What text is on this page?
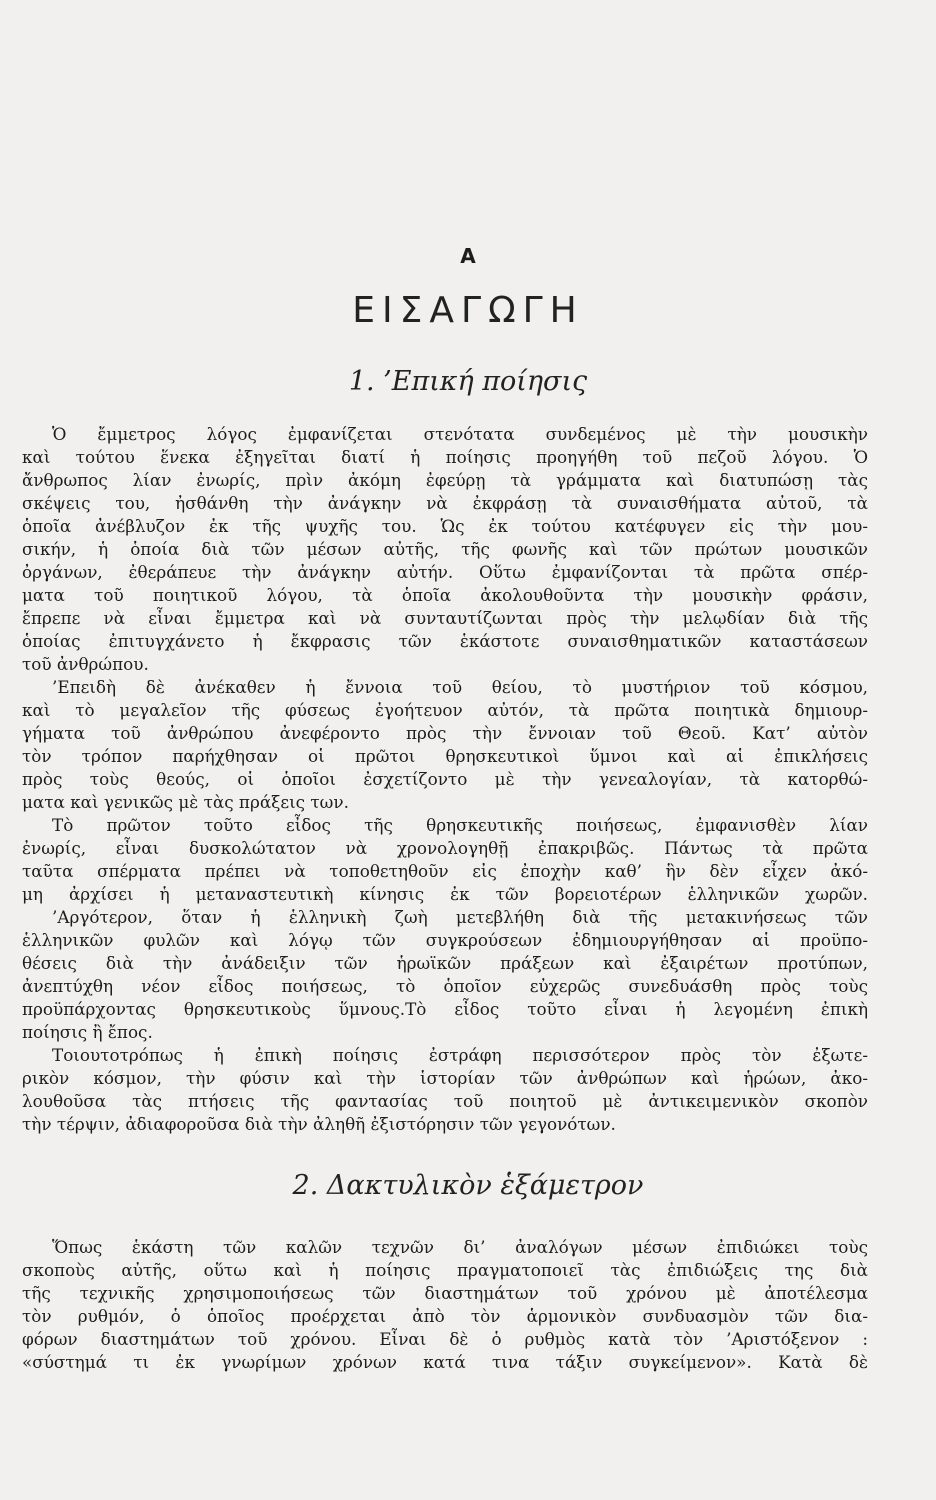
Α
ΕΙΣΑΓΩΓΗ
1. ’Επική ποίησις
Ὁ ἔμμετρος λόγος ἐμφανίζεται στενότατα συνδεμένος μὲ τὴν μουσικὴν
καὶ τούτου ἕνεκα ἐξηγεῖται διατί ἡ ποίησις προηγήθη τοῦ πεζοῦ λόγου. Ὁ
ἄνθρωπος λίαν ἐνωρίς, πρὶν ἀκόμη ἐφεύρῃ τὰ γράμματα καὶ διατυπώσῃ τὰς
σκέψεις του, ἠσθάνθη τὴν ἀνάγκην νὰ ἐκφράσῃ τὰ συναισθήματα αὐτοῦ, τὰ
ὁποῖα ἀνέβλυζον ἐκ τῆς ψυχῆς του. Ὡς ἐκ τούτου κατέφυγεν εἰς τὴν μου-
σικήν, ἡ ὁποία διὰ τῶν μέσων αὐτῆς, τῆς φωνῆς καὶ τῶν πρώτων μουσικῶν
ὀργάνων, ἐθεράπευε τὴν ἀνάγκην αὐτήν. Οὕτω ἐμφανίζονται τὰ πρῶτα σπέρ-
ματα τοῦ ποιητικοῦ λόγου, τὰ ὁποῖα ἀκολουθοῦντα τὴν μουσικὴν φράσιν,
ἔπρεπε νὰ εἶναι ἔμμετρα καὶ νὰ συνταυτίζωνται πρὸς τὴν μελῳδίαν διὰ τῆς
ὁποίας ἐπιτυγχάνετο ἡ ἔκφρασις τῶν ἑκάστοτε συναισθηματικῶν καταστάσεων
τοῦ ἀνθρώπου.
’Επειδὴ δὲ ἀνέκαθεν ἡ ἔννοια τοῦ θείου, τὸ μυστήριον τοῦ κόσμου,
καὶ τὸ μεγαλεῖον τῆς φύσεως ἐγοήτευον αὐτόν, τὰ πρῶτα ποιητικὰ δημιουρ-
γήματα τοῦ ἀνθρώπου ἀνεφέροντο πρὸς τὴν ἔννοιαν τοῦ Θεοῦ. Κατ’ αὐτὸν
τὸν τρόπον παρήχθησαν οἱ πρῶτοι θρησκευτικοὶ ὕμνοι καὶ αἱ ἐπικλήσεις
πρὸς τοὺς θεούς, οἱ ὁποῖοι ἐσχετίζοντο μὲ τὴν γενεαλογίαν, τὰ κατορθώ-
ματα καὶ γενικῶς μὲ τὰς πράξεις των.
Τὸ πρῶτον τοῦτο εἶδος τῆς θρησκευτικῆς ποιήσεως, ἐμφανισθὲν λίαν
ἐνωρίς, εἶναι δυσκολώτατον νὰ χρονολογηθῇ ἐπακριβῶς. Πάντως τὰ πρῶτα
ταῦτα σπέρματα πρέπει νὰ τοποθετηθοῦν εἰς ἐποχὴν καθ’ ἣν δὲν εἶχεν ἀκό-
μη ἀρχίσει ἡ μεταναστευτικὴ κίνησις ἐκ τῶν βορειοτέρων ἑλληνικῶν χωρῶν.
’Αργότερον, ὅταν ἡ ἑλληνικὴ ζωὴ μετεβλήθη διὰ τῆς μετακινήσεως τῶν
ἑλληνικῶν φυλῶν καὶ λόγῳ τῶν συγκρούσεων ἐδημιουργήθησαν αἱ προϋπο-
θέσεις διὰ τὴν ἀνάδειξιν τῶν ἡρωϊκῶν πράξεων καὶ ἐξαιρέτων προτύπων,
ἀνεπτύχθη νέον εἶδος ποιήσεως, τὸ ὁποῖον εὐχερῶς συνεδυάσθη πρὸς τοὺς
προϋπάρχοντας θρησκευτικοὺς ὕμνους.Τὸ εἶδος τοῦτο εἶναι ἡ λεγομένη ἐπικὴ
ποίησις ἢ ἔπος.
Τοιουτοτρόπως ἡ ἐπικὴ ποίησις ἐστράφη περισσότερον πρὸς τὸν ἐξωτε-
ρικὸν κόσμον, τὴν φύσιν καὶ τὴν ἱστορίαν τῶν ἀνθρώπων καὶ ἡρώων, ἀκο-
λουθοῦσα τὰς πτήσεις τῆς φαντασίας τοῦ ποιητοῦ μὲ ἀντικειμενικὸν σκοπὸν
τὴν τέρψιν, ἀδιαφοροῦσα διὰ τὴν ἀληθῆ ἐξιστόρησιν τῶν γεγονότων.
2. Δακτυλικὸν ἑξάμετρον
Ὅπως ἑκάστη τῶν καλῶν τεχνῶν δι’ ἀναλόγων μέσων ἐπιδιώκει τοὺς
σκοποὺς αὐτῆς, οὕτω καὶ ἡ ποίησις πραγματοποιεῖ τὰς ἐπιδιώξεις της διὰ
τῆς τεχνικῆς χρησιμοποιήσεως τῶν διαστημάτων τοῦ χρόνου μὲ ἀποτέλεσμα
τὸν ρυθμόν, ὁ ὁποῖος προέρχεται ἀπὸ τὸν ἁρμονικὸν συνδυασμὸν τῶν δια-
φόρων διαστημάτων τοῦ χρόνου. Εἶναι δὲ ὁ ρυθμὸς κατὰ τὸν ’Αριστόξενον :
«σύστημά τι ἐκ γνωρίμων χρόνων κατά τινα τάξιν συγκείμενον». Κατὰ δὲ
